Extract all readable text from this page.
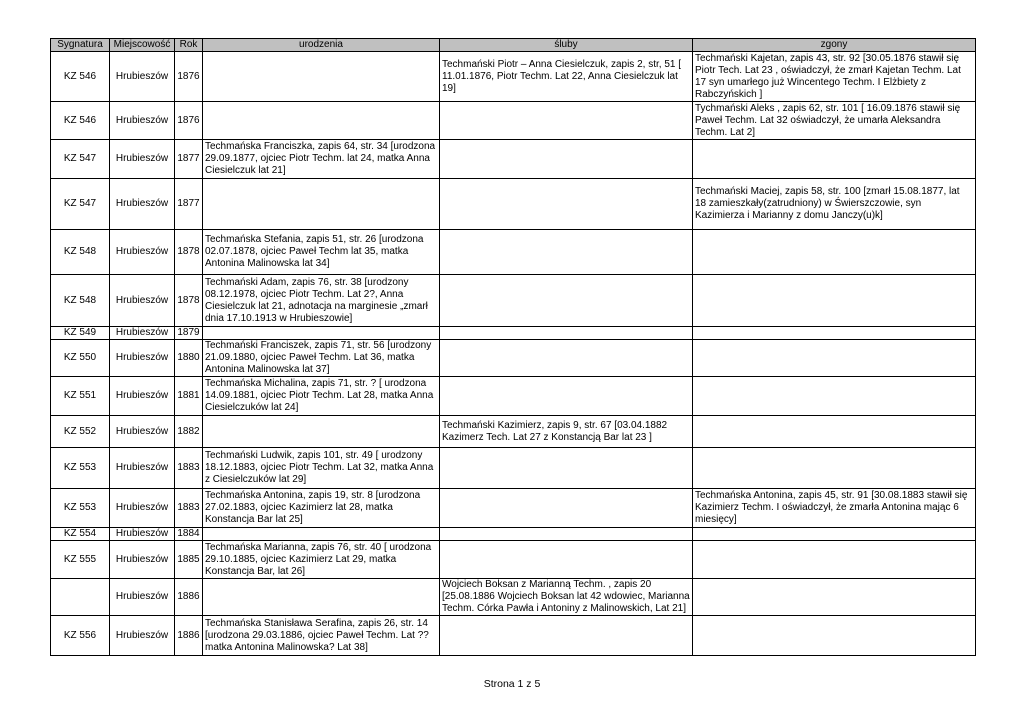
Sygnatura	Miejscowość	Rok	urodzenia	śluby	zgony
KZ 546	Hrubieszów	1876		Techmański Piotr – Anna Ciesielczuk, zapis 2, str, 51 [ 11.01.1876, Piotr Techm. Lat 22, Anna Ciesielczuk lat 19]	Techmański Kajetan, zapis 43, str. 92 [30.05.1876 stawił się Piotr Tech. Lat 23 , oświadczył, że zmarł Kajetan Techm. Lat 17 syn umarłego już Wincentego Techm. I Elżbiety z Rabczyńskich ]
KZ 546	Hrubieszów	1876			Tychmański Aleks , zapis 62, str. 101 [ 16.09.1876 stawił się Paweł Techm. Lat 32 oświadczył, że umarła Aleksandra Techm. Lat 2]
KZ 547	Hrubieszów	1877	Techmańska Franciszka, zapis 64, str. 34 [urodzona 29.09.1877, ojciec Piotr Techm. lat 24, matka Anna Ciesielczuk lat 21]		
KZ 547	Hrubieszów	1877			Techmański Maciej, zapis 58, str. 100 [zmarł 15.08.1877, lat 18 zamieszkały(zatrudniony) w Świerszczowie, syn Kazimierza i Marianny z domu Janczy(u)k]
KZ 548	Hrubieszów	1878	Techmańska Stefania, zapis 51, str. 26 [urodzona 02.07.1878, ojciec Paweł Techm lat 35, matka Antonina Malinowska lat 34]		
KZ 548	Hrubieszów	1878	Techmański Adam, zapis 76, str. 38 [urodzony 08.12.1978, ojciec Piotr Techm. Lat 2?, Anna Ciesielczuk lat 21, adnotacja na marginesie „zmarł dnia 17.10.1913 w Hrubieszowie]		
KZ 549	Hrubieszów	1879			
KZ 550	Hrubieszów	1880	Techmański Franciszek, zapis 71, str. 56 [urodzony 21.09.1880, ojciec Paweł Techm. Lat 36, matka Antonina Malinowska lat 37]		
KZ 551	Hrubieszów	1881	Techmańska Michalina, zapis 71, str. ? [ urodzona 14.09.1881, ojciec Piotr Techm. Lat 28, matka Anna Ciesielczuków lat 24]		
KZ 552	Hrubieszów	1882		Techmański Kazimierz, zapis 9, str. 67 [03.04.1882 Kazimerz Tech. Lat 27 z Konstancją Bar lat 23 ]	
KZ 553	Hrubieszów	1883	Techmański Ludwik, zapis 101, str. 49 [ urodzony 18.12.1883, ojciec Piotr Techm. Lat 32, matka Anna z Ciesielczuków lat 29]		
KZ 553	Hrubieszów	1883	Techmańska Antonina, zapis 19, str. 8 [urodzona 27.02.1883, ojciec Kazimierz lat 28, matka Konstancja Bar lat 25]		Techmańska Antonina, zapis 45, str. 91 [30.08.1883 stawił się Kazimierz Techm. I oświadczył, że zmarła Antonina mając 6 miesięcy]
KZ 554	Hrubieszów	1884			
KZ 555	Hrubieszów	1885	Techmańska Marianna, zapis 76, str. 40 [ urodzona 29.10.1885, ojciec Kazimierz Lat 29, matka Konstancja Bar, lat 26]		
	Hrubieszów	1886		Wojciech Boksan z Marianną Techm. , zapis 20 [25.08.1886 Wojciech Boksan lat 42 wdowiec, Marianna Techm. Córka Pawła i Antoniny z Malinowskich, Lat 21]	
KZ 556	Hrubieszów	1886	Techmańska Stanisława Serafina, zapis 26, str. 14 [urodzona 29.03.1886, ojciec Paweł Techm. Lat ?? matka Antonina Malinowska? Lat 38]		
Strona 1 z 5
